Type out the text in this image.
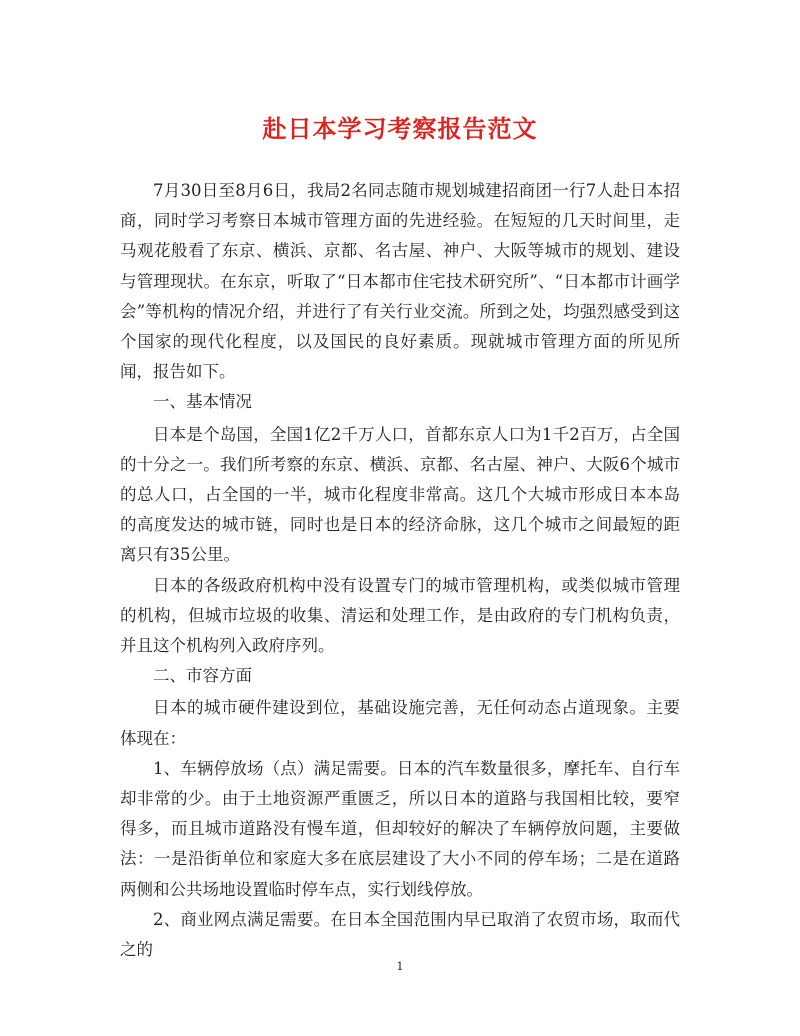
赴日本学习考察报告范文

7月30日至8月6日，我局2名同志随市规划城建招商团一行7人赴日本招商，同时学习考察日本城市管理方面的先进经验。在短短的几天时间里，走马观花般看了东京、横浜、京都、名古屋、神户、大阪等城市的规划、建设与管理现状。在东京，听取了“日本都市住宅技术研究所”、“日本都市计画学会”等机构的情况介绍，并进行了有关行业交流。所到之处，均强烈感受到这个国家的现代化程度，以及国民的良好素质。现就城市管理方面的所见所闻，报告如下。

一、基本情况

日本是个岛国，全国1亿2千万人口，首都东京人口为1千2百万，占全国的十分之一。我们所考察的东京、横浜、京都、名古屋、神户、大阪6个城市的总人口，占全国的一半，城市化程度非常高。这几个大城市形成日本本岛的高度发达的城市链，同时也是日本的经济命脉，这几个城市之间最短的距离只有35公里。

日本的各级政府机构中没有设置专门的城市管理机构，或类似城市管理的机构，但城市垃圾的收集、清运和处理工作，是由政府的专门机构负责，并且这个机构列入政府序列。

二、市容方面

日本的城市硬件建设到位，基础设施完善，无任何动态占道现象。主要体现在：

1、车辆停放场（点）满足需要。日本的汽车数量很多，摩托车、自行车却非常的少。由于土地资源严重匮乏，所以日本的道路与我国相比较，要窄得多，而且城市道路没有慢车道，但却较好的解决了车辆停放问题，主要做法：一是沿街单位和家庭大多在底层建设了大小不同的停车场；二是在道路两侧和公共场地设置临时停车点，实行划线停放。

2、商业网点满足需要。在日本全国范围内早已取消了农贸市场，取而代之的

1
